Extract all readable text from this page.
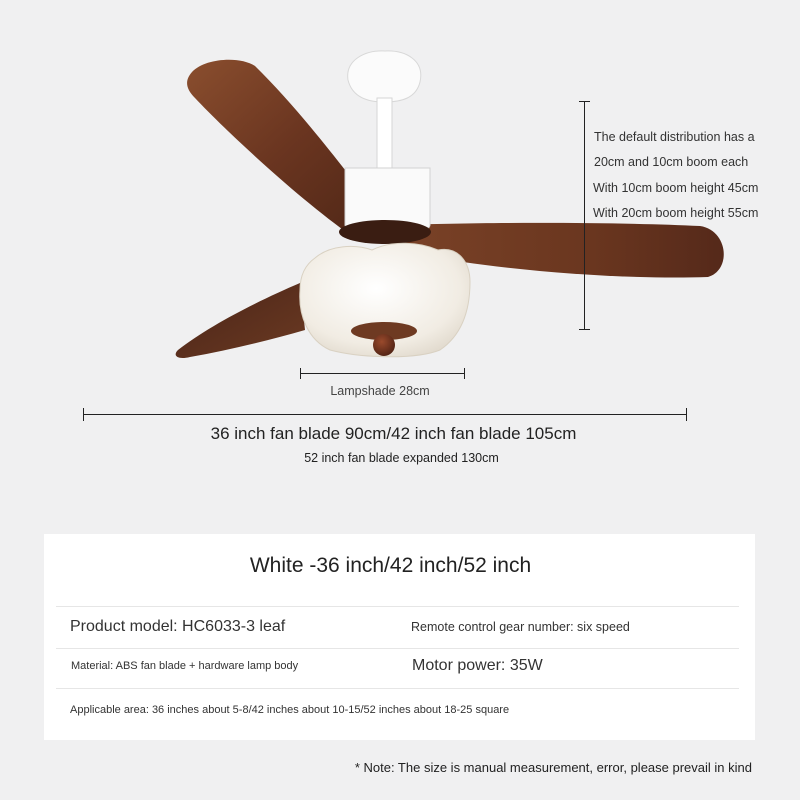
The default distribution has a
20cm and 10cm boom each
With 10cm boom height 45cm
With 20cm boom height 55cm
Lampshade 28cm
36 inch fan blade 90cm/42 inch fan blade 105cm
52 inch fan blade expanded 130cm
White -36 inch/42 inch/52 inch
Product model: HC6033-3 leaf	Remote control gear number: six speed
Material: ABS fan blade + hardware lamp body	Motor power: 35W
Applicable area: 36 inches about 5-8/42 inches about 10-15/52 inches about 18-25 square
* Note: The size is manual measurement, error, please prevail in kind
